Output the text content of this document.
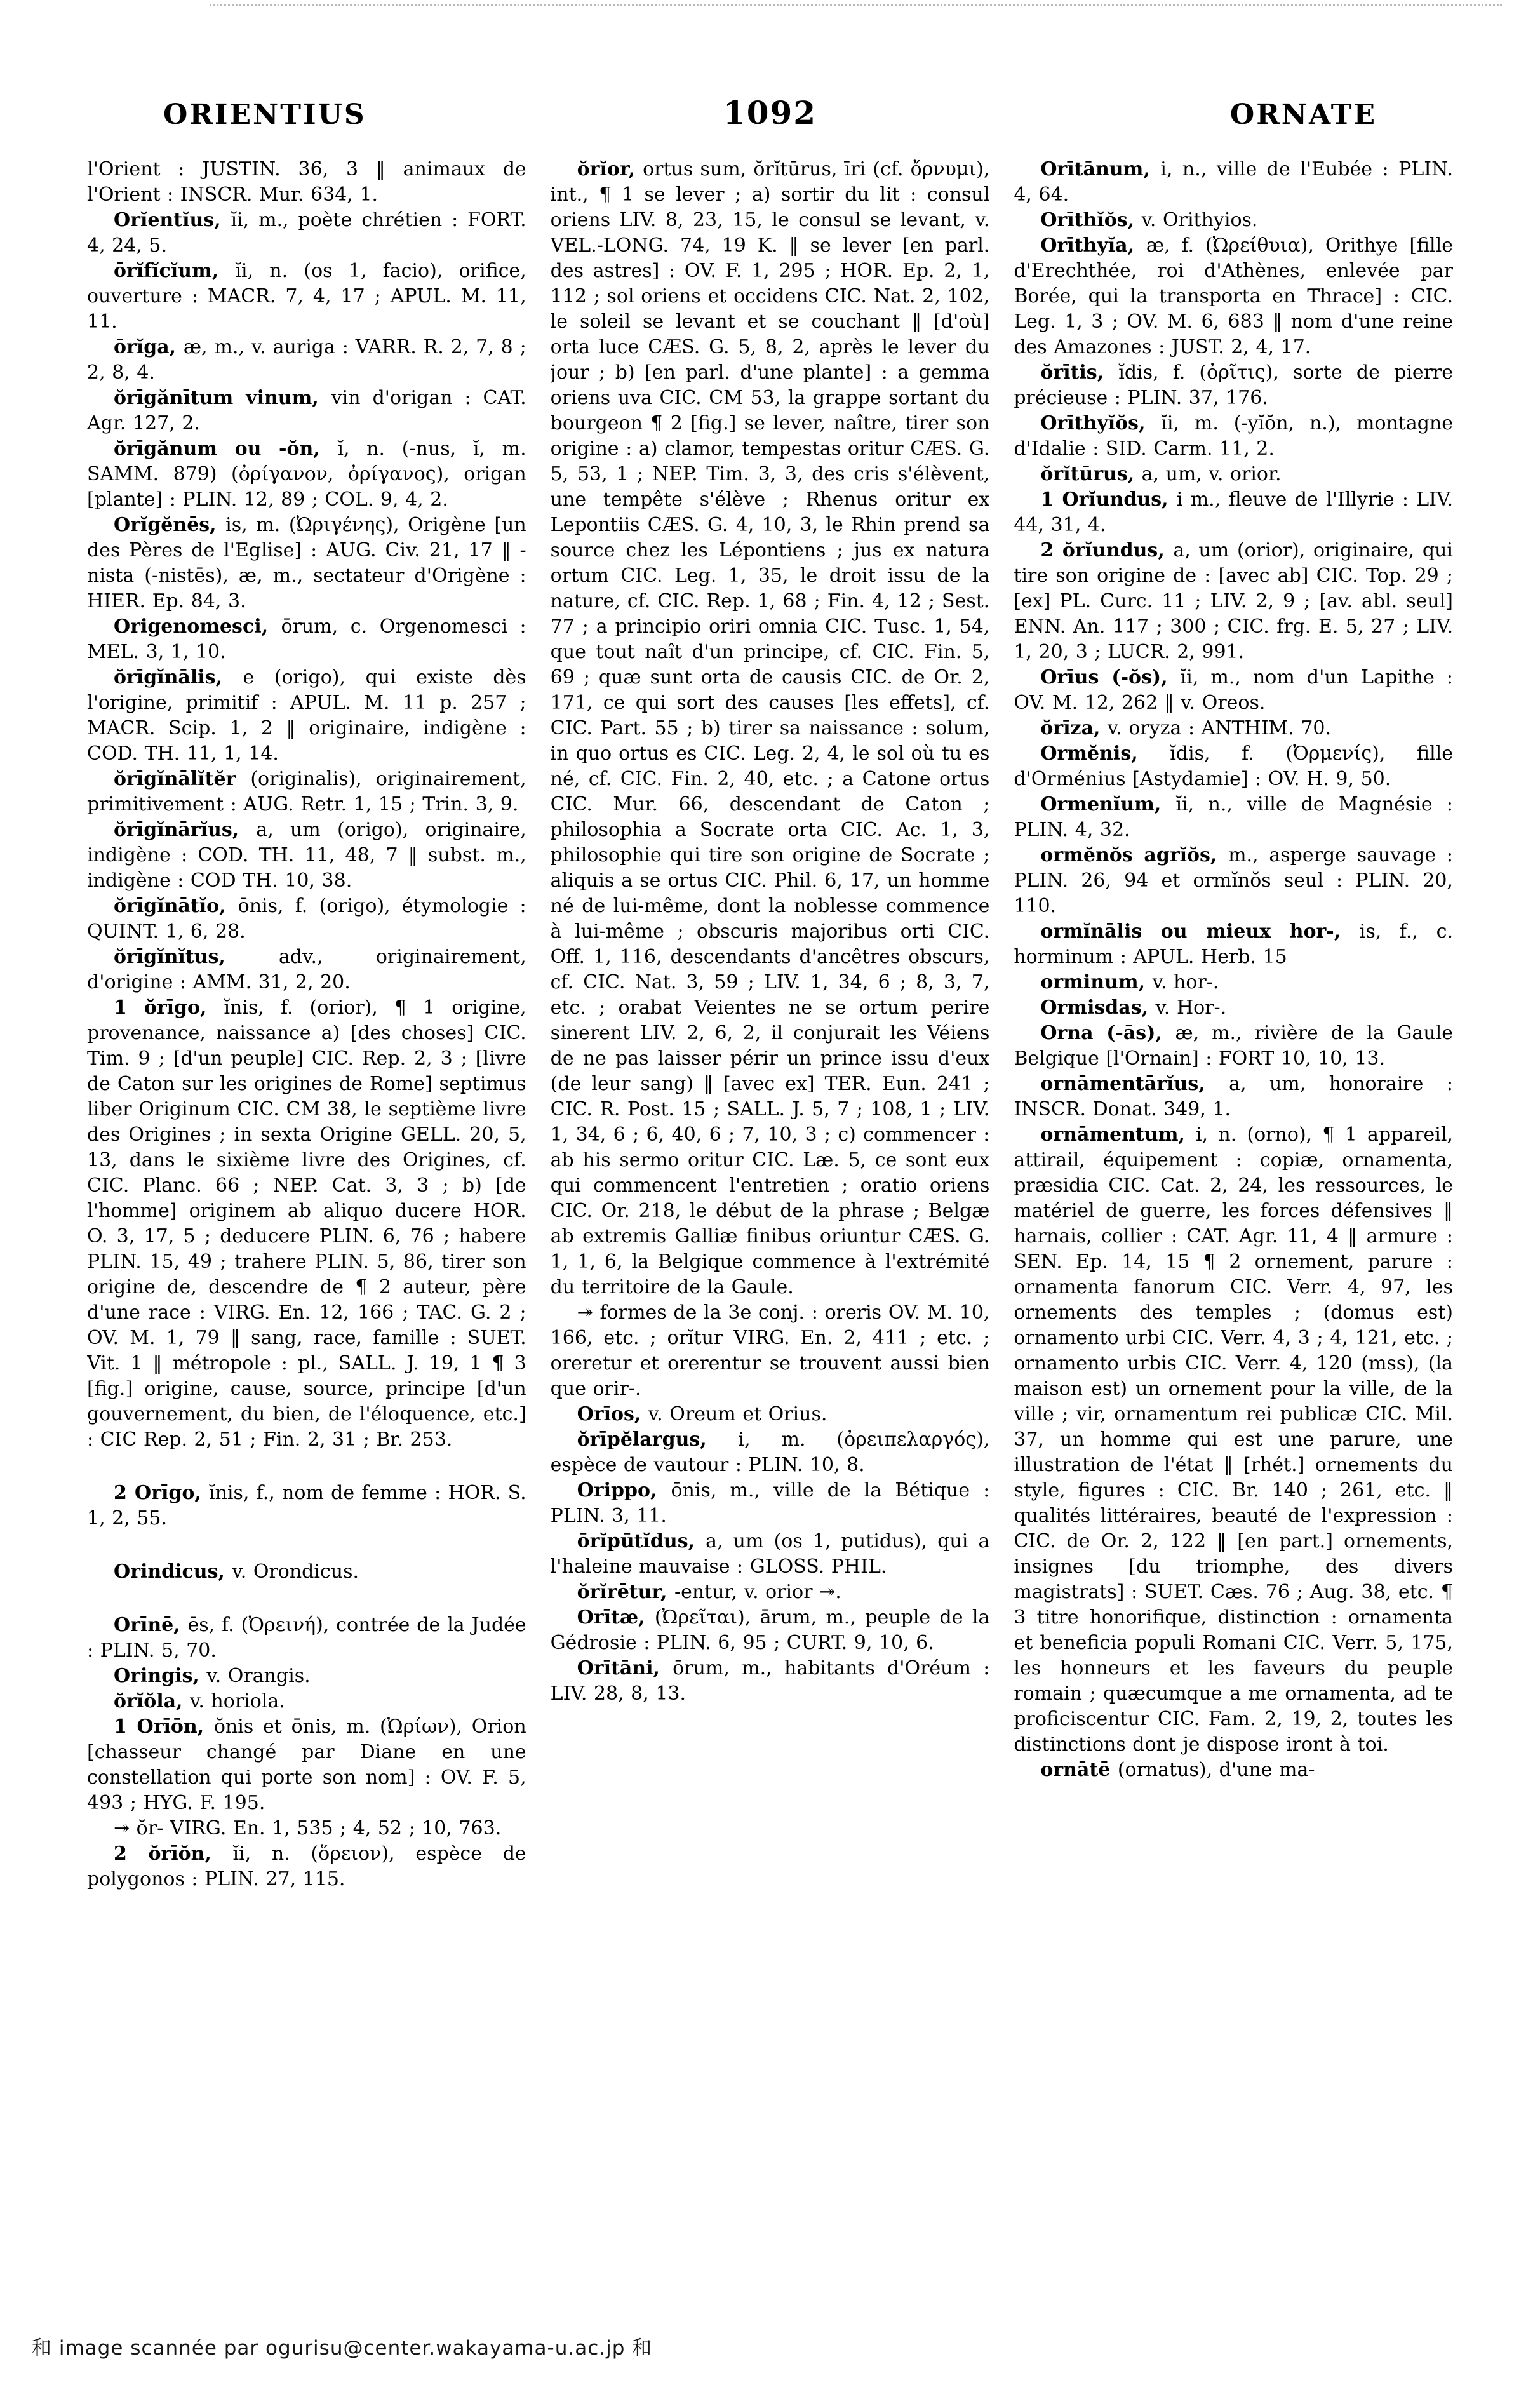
ORIENTIUS	1092	ORNATE

l'Orient : JUSTIN. 36, 3 ‖ animaux de l'Orient : INSCR. Mur. 634, 1.

Orĭentĭus, ĭi, m., poète chrétien : FORT. 4, 24, 5.

ōrĭfĭcĭum, ĭi, n. (os 1, facio), orifice, ouverture : MACR. 7, 4, 17 ; APUL. M. 11, 11.

ōrĭga, æ, m., v. auriga : VARR. R. 2, 7, 8 ; 2, 8, 4.

ŏrīgănītum vinum, vin d'origan : CAT. Agr. 127, 2.

ŏrīgănum ou -ŏn, ĭ, n. (-nus, ĭ, m. SAMM. 879) (ὀρίγανον, ὀρίγανος), origan [plante] : PLIN. 12, 89 ; COL. 9, 4, 2.

Orĭgĕnēs, is, m. (Ὠριγένης), Origène [un des Pères de l'Eglise] : AUG. Civ. 21, 17 ‖ -nista (-nistēs), æ, m., sectateur d'Origène : HIER. Ep. 84, 3.

Origenomesci, ōrum, c. Orgenomesci : MEL. 3, 1, 10.

ŏrīgĭnālis, e (origo), qui existe dès l'origine, primitif : APUL. M. 11 p. 257 ; MACR. Scip. 1, 2 ‖ originaire, indigène : COD. TH. 11, 1, 14.

ŏrīgĭnālĭtĕr (originalis), originairement, primitivement : AUG. Retr. 1, 15 ; Trin. 3, 9.

ŏrīgĭnārĭus, a, um (origo), originaire, indigène : COD. TH. 11, 48, 7 ‖ subst. m., indigène : COD TH. 10, 38.

ŏrīgĭnātĭo, ōnis, f. (origo), étymologie : QUINT. 1, 6, 28.

ŏrīgĭnĭtus, adv., originairement, d'origine : AMM. 31, 2, 20.

1 ŏrīgo, ĭnis, f. (orior), ¶ 1 origine, provenance, naissance a) [des choses] CIC. Tim. 9 ; [d'un peuple] CIC. Rep. 2, 3 ; [livre de Caton sur les origines de Rome] septimus liber Originum CIC. CM 38, le septième livre des Origines ; in sexta Origine GELL. 20, 5, 13, dans le sixième livre des Origines, cf. CIC. Planc. 66 ; NEP. Cat. 3, 3 ; b) [de l'homme] originem ab aliquo ducere HOR. O. 3, 17, 5 ; deducere PLIN. 6, 76 ; habere PLIN. 15, 49 ; trahere PLIN. 5, 86, tirer son origine de, descendre de ¶ 2 auteur, père d'une race : VIRG. En. 12, 166 ; TAC. G. 2 ; OV. M. 1, 79 ‖ sang, race, famille : SUET. Vit. 1 ‖ métropole : pl., SALL. J. 19, 1 ¶ 3 [fig.] origine, cause, source, principe [d'un gouvernement, du bien, de l'éloquence, etc.] : CIC Rep. 2, 51 ; Fin. 2, 31 ; Br. 253.

2 Orīgo, ĭnis, f., nom de femme : HOR. S. 1, 2, 55.

Orindicus, v. Orondicus.

Orīnē, ēs, f. (Ὀρεινή), contrée de la Judée : PLIN. 5, 70.

Oringis, v. Orangis.

ŏrĭŏla, v. horiola.

1 Orīōn, ŏnis et ōnis, m. (Ὠρίων), Orion [chasseur changé par Diane en une constellation qui porte son nom] : OV. F. 5, 493 ; HYG. F. 195.

↠ ŏr- VIRG. En. 1, 535 ; 4, 52 ; 10, 763.

2 ŏrīŏn, ĭi, n. (ὅρειον), espèce de polygonos : PLIN. 27, 115.

ŏrĭor, ortus sum, ŏrĭtūrus, īri (cf. ὄρνυμι), int., ¶ 1 se lever ; a) sortir du lit : consul oriens LIV. 8, 23, 15, le consul se levant, v. VEL.-LONG. 74, 19 K. ‖ se lever [en parl. des astres] : OV. F. 1, 295 ; HOR. Ep. 2, 1, 112 ; sol oriens et occidens CIC. Nat. 2, 102, le soleil se levant et se couchant ‖ [d'où] orta luce CÆS. G. 5, 8, 2, après le lever du jour ; b) [en parl. d'une plante] : a gemma oriens uva CIC. CM 53, la grappe sortant du bourgeon ¶ 2 [fig.] se lever, naître, tirer son origine : a) clamor, tempestas oritur CÆS. G. 5, 53, 1 ; NEP. Tim. 3, 3, des cris s'élèvent, une tempête s'élève ; Rhenus oritur ex Lepontiis CÆS. G. 4, 10, 3, le Rhin prend sa source chez les Lépontiens ; jus ex natura ortum CIC. Leg. 1, 35, le droit issu de la nature, cf. CIC. Rep. 1, 68 ; Fin. 4, 12 ; Sest. 77 ; a principio oriri omnia CIC. Tusc. 1, 54, que tout naît d'un principe, cf. CIC. Fin. 5, 69 ; quæ sunt orta de causis CIC. de Or. 2, 171, ce qui sort des causes [les effets], cf. CIC. Part. 55 ; b) tirer sa naissance : solum, in quo ortus es CIC. Leg. 2, 4, le sol où tu es né, cf. CIC. Fin. 2, 40, etc. ; a Catone ortus CIC. Mur. 66, descendant de Caton ; philosophia a Socrate orta CIC. Ac. 1, 3, philosophie qui tire son origine de Socrate ; aliquis a se ortus CIC. Phil. 6, 17, un homme né de lui-même, dont la noblesse commence à lui-même ; obscuris majoribus orti CIC. Off. 1, 116, descendants d'ancêtres obscurs, cf. CIC. Nat. 3, 59 ; LIV. 1, 34, 6 ; 8, 3, 7, etc. ; orabat Veientes ne se ortum perire sinerent LIV. 2, 6, 2, il conjurait les Véiens de ne pas laisser périr un prince issu d'eux (de leur sang) ‖ [avec ex] TER. Eun. 241 ; CIC. R. Post. 15 ; SALL. J. 5, 7 ; 108, 1 ; LIV. 1, 34, 6 ; 6, 40, 6 ; 7, 10, 3 ; c) commencer : ab his sermo oritur CIC. Læ. 5, ce sont eux qui commencent l'entretien ; oratio oriens CIC. Or. 218, le début de la phrase ; Belgæ ab extremis Galliæ finibus oriuntur CÆS. G. 1, 1, 6, la Belgique commence à l'extrémité du territoire de la Gaule.

↠ formes de la 3e conj. : oreris OV. M. 10, 166, etc. ; orĭtur VIRG. En. 2, 411 ; etc. ; oreretur et orerentur se trouvent aussi bien que orir-.

Orīos, v. Oreum et Orius.

ŏrīpĕlargus, i, m. (ὀρειπελαργός), espèce de vautour : PLIN. 10, 8.

Orippo, ōnis, m., ville de la Bétique : PLIN. 3, 11.

ōrĭpūtĭdus, a, um (os 1, putidus), qui a l'haleine mauvaise : GLOSS. PHIL.

ŏrĭrētur, -entur, v. orior ↠.

Orītæ, (Ὠρεῖται), ārum, m., peuple de la Gédrosie : PLIN. 6, 95 ; CURT. 9, 10, 6.

Orītāni, ōrum, m., habitants d'Oréum : LIV. 28, 8, 13.

Orītānum, i, n., ville de l'Eubée : PLIN. 4, 64.

Orīthĭŏs, v. Orithyios.

Orīthyĭa, æ, f. (Ὠρείθυια), Orithye [fille d'Erechthée, roi d'Athènes, enlevée par Borée, qui la transporta en Thrace] : CIC. Leg. 1, 3 ; OV. M. 6, 683 ‖ nom d'une reine des Amazones : JUST. 2, 4, 17.

ŏrītis, ĭdis, f. (ὀρῖτις), sorte de pierre précieuse : PLIN. 37, 176.

Orīthyĭŏs, ĭi, m. (-yĭŏn, n.), montagne d'Idalie : SID. Carm. 11, 2.

ŏrĭtūrus, a, um, v. orior.

1 Orĭundus, i m., fleuve de l'Illyrie : LIV. 44, 31, 4.

2 ŏrĭundus, a, um (orior), originaire, qui tire son origine de : [avec ab] CIC. Top. 29 ; [ex] PL. Curc. 11 ; LIV. 2, 9 ; [av. abl. seul] ENN. An. 117 ; 300 ; CIC. frg. E. 5, 27 ; LIV. 1, 20, 3 ; LUCR. 2, 991.

Orīus (-ŏs), ĭi, m., nom d'un Lapithe : OV. M. 12, 262 ‖ v. Oreos.

ŏrīza, v. oryza : ANTHIM. 70.

Ormĕnis, ĭdis, f. (Ὀρμενίς), fille d'Orménius [Astydamie] : OV. H. 9, 50.

Ormenĭum, ĭi, n., ville de Magnésie : PLIN. 4, 32.

ormĕnŏs agrĭŏs, m., asperge sauvage : PLIN. 26, 94 et ormĭnŏs seul : PLIN. 20, 110.

ormĭnālis ou mieux hor-, is, f., c. horminum : APUL. Herb. 15

orminum, v. hor-.

Ormisdas, v. Hor-.

Orna (-ās), æ, m., rivière de la Gaule Belgique [l'Ornain] : FORT 10, 10, 13.

ornāmentārĭus, a, um, honoraire : INSCR. Donat. 349, 1.

ornāmentum, i, n. (orno), ¶ 1 appareil, attirail, équipement : copiæ, ornamenta, præsidia CIC. Cat. 2, 24, les ressources, le matériel de guerre, les forces défensives ‖ harnais, collier : CAT. Agr. 11, 4 ‖ armure : SEN. Ep. 14, 15 ¶ 2 ornement, parure : ornamenta fanorum CIC. Verr. 4, 97, les ornements des temples ; (domus est) ornamento urbi CIC. Verr. 4, 3 ; 4, 121, etc. ; ornamento urbis CIC. Verr. 4, 120 (mss), (la maison est) un ornement pour la ville, de la ville ; vir, ornamentum rei publicæ CIC. Mil. 37, un homme qui est une parure, une illustration de l'état ‖ [rhét.] ornements du style, figures : CIC. Br. 140 ; 261, etc. ‖ qualités littéraires, beauté de l'expression : CIC. de Or. 2, 122 ‖ [en part.] ornements, insignes [du triomphe, des divers magistrats] : SUET. Cæs. 76 ; Aug. 38, etc. ¶ 3 titre honorifique, distinction : ornamenta et beneficia populi Romani CIC. Verr. 5, 175, les honneurs et les faveurs du peuple romain ; quæcumque a me ornamenta, ad te proficiscentur CIC. Fam. 2, 19, 2, toutes les distinctions dont je dispose iront à toi.

ornātē (ornatus), d'une ma-

和 image scannée par ogurisu@center.wakayama-u.ac.jp 和
